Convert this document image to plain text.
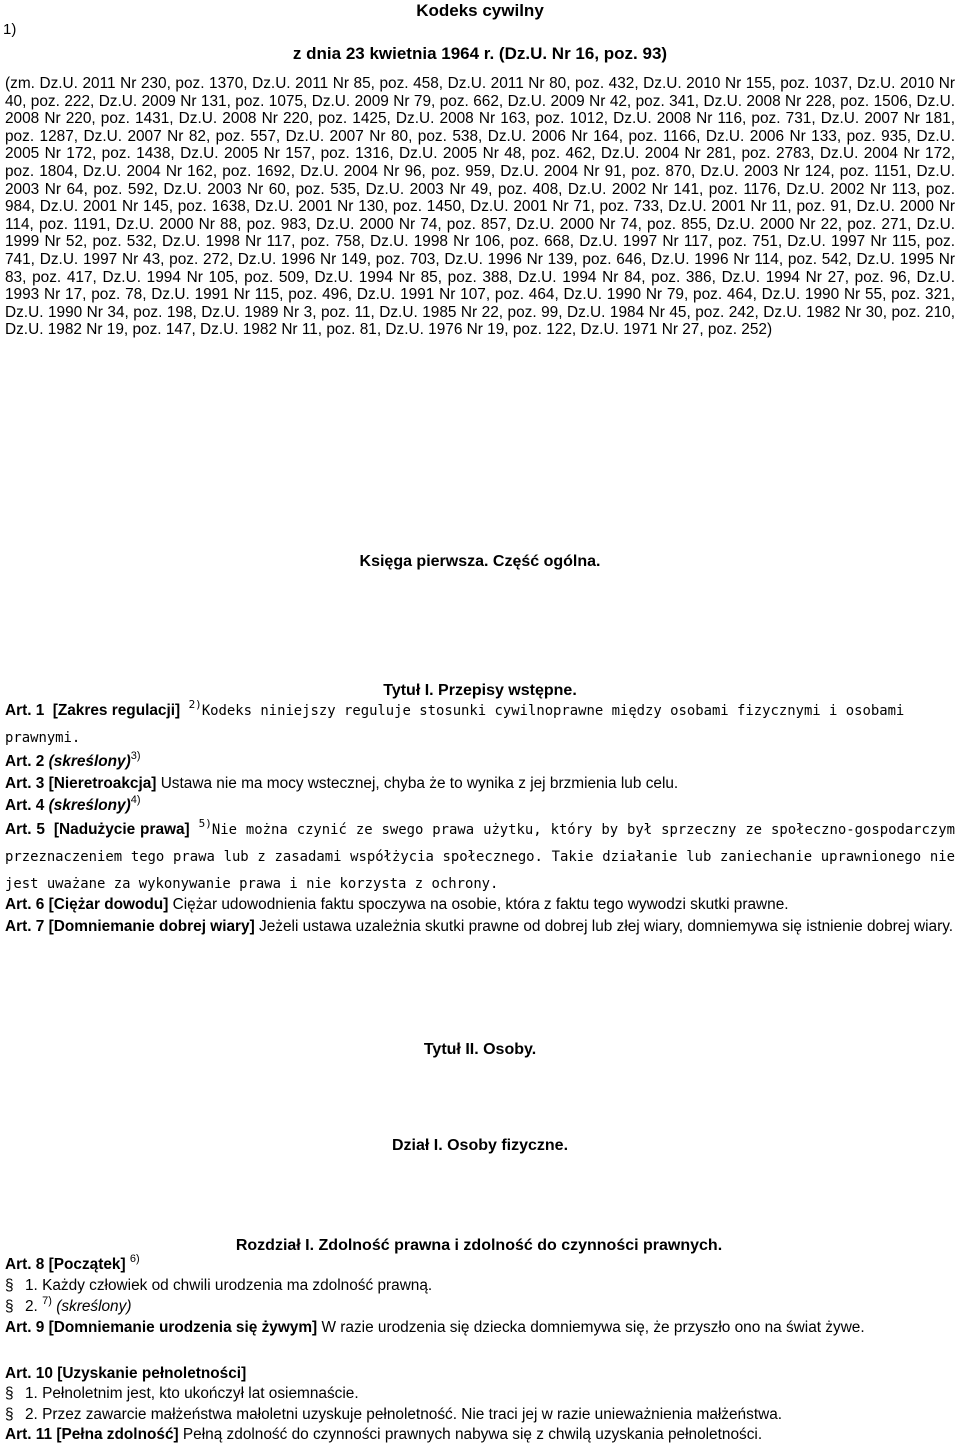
1)
Kodeks cywilny
z dnia 23 kwietnia 1964 r. (Dz.U. Nr 16, poz. 93)
(zm. Dz.U. 2011 Nr 230, poz. 1370, Dz.U. 2011 Nr 85, poz. 458, Dz.U. 2011 Nr 80, poz. 432, Dz.U. 2010 Nr 155, poz. 1037, Dz.U. 2010 Nr 40, poz. 222, Dz.U. 2009 Nr 131, poz. 1075, Dz.U. 2009 Nr 79, poz. 662, Dz.U. 2009 Nr 42, poz. 341, Dz.U. 2008 Nr 228, poz. 1506, Dz.U. 2008 Nr 220, poz. 1431, Dz.U. 2008 Nr 220, poz. 1425, Dz.U. 2008 Nr 163, poz. 1012, Dz.U. 2008 Nr 116, poz. 731, Dz.U. 2007 Nr 181, poz. 1287, Dz.U. 2007 Nr 82, poz. 557, Dz.U. 2007 Nr 80, poz. 538, Dz.U. 2006 Nr 164, poz. 1166, Dz.U. 2006 Nr 133, poz. 935, Dz.U. 2005 Nr 172, poz. 1438, Dz.U. 2005 Nr 157, poz. 1316, Dz.U. 2005 Nr 48, poz. 462, Dz.U. 2004 Nr 281, poz. 2783, Dz.U. 2004 Nr 172, poz. 1804, Dz.U. 2004 Nr 162, poz. 1692, Dz.U. 2004 Nr 96, poz. 959, Dz.U. 2004 Nr 91, poz. 870, Dz.U. 2003 Nr 124, poz. 1151, Dz.U. 2003 Nr 64, poz. 592, Dz.U. 2003 Nr 60, poz. 535, Dz.U. 2003 Nr 49, poz. 408, Dz.U. 2002 Nr 141, poz. 1176, Dz.U. 2002 Nr 113, poz. 984, Dz.U. 2001 Nr 145, poz. 1638, Dz.U. 2001 Nr 130, poz. 1450, Dz.U. 2001 Nr 71, poz. 733, Dz.U. 2001 Nr 11, poz. 91, Dz.U. 2000 Nr 114, poz. 1191, Dz.U. 2000 Nr 88, poz. 983, Dz.U. 2000 Nr 74, poz. 857, Dz.U. 2000 Nr 74, poz. 855, Dz.U. 2000 Nr 22, poz. 271, Dz.U. 1999 Nr 52, poz. 532, Dz.U. 1998 Nr 117, poz. 758, Dz.U. 1998 Nr 106, poz. 668, Dz.U. 1997 Nr 117, poz. 751, Dz.U. 1997 Nr 115, poz. 741, Dz.U. 1997 Nr 43, poz. 272, Dz.U. 1996 Nr 149, poz. 703, Dz.U. 1996 Nr 139, poz. 646, Dz.U. 1996 Nr 114, poz. 542, Dz.U. 1995 Nr 83, poz. 417, Dz.U. 1994 Nr 105, poz. 509, Dz.U. 1994 Nr 85, poz. 388, Dz.U. 1994 Nr 84, poz. 386, Dz.U. 1994 Nr 27, poz. 96, Dz.U. 1993 Nr 17, poz. 78, Dz.U. 1991 Nr 115, poz. 496, Dz.U. 1991 Nr 107, poz. 464, Dz.U. 1990 Nr 79, poz. 464, Dz.U. 1990 Nr 55, poz. 321, Dz.U. 1990 Nr 34, poz. 198, Dz.U. 1989 Nr 3, poz. 11, Dz.U. 1985 Nr 22, poz. 99, Dz.U. 1984 Nr 45, poz. 242, Dz.U. 1982 Nr 30, poz. 210, Dz.U. 1982 Nr 19, poz. 147, Dz.U. 1982 Nr 11, poz. 81, Dz.U. 1976 Nr 19, poz. 122, Dz.U. 1971 Nr 27, poz. 252)
Księga pierwsza. Część ogólna.
Tytuł I. Przepisy wstępne.
Art. 1 [Zakres regulacji] $^{2)}$Kodeks niniejszy reguluje stosunki cywilnoprawne między osobami fizycznymi i osobami prawnymi.
Art. 2 (skreślony)$^{3)}$
Art. 3 [Nieretroakcja] Ustawa nie ma mocy wstecznej, chyba że to wynika z jej brzmienia lub celu.
Art. 4 (skreślony)$^{4)}$
Art. 5 [Nadużycie prawa] $^{5)}$Nie można czynić ze swego prawa użytku, który by był sprzeczny ze społeczno-gospodarczym przeznaczeniem tego prawa lub z zasadami współżycia społecznego. Takie działanie lub zaniechanie uprawnionego nie jest uważane za wykonywanie prawa i nie korzysta z ochrony.
Art. 6 [Ciężar dowodu] Ciężar udowodnienia faktu spoczywa na osobie, która z faktu tego wywodzi skutki prawne.
Art. 7 [Domniemanie dobrej wiary] Jeżeli ustawa uzależnia skutki prawne od dobrej lub złej wiary, domniemywa się istnienie dobrej wiary.
Tytuł II. Osoby.
Dział I. Osoby fizyczne.
Rozdział I. Zdolność prawna i zdolność do czynności prawnych.
Art. 8 [Początek] $^{6)}$
§ 1. Każdy człowiek od chwili urodzenia ma zdolność prawną.
§ 2. $^{7)}$ (skreślony)
Art. 9 [Domniemanie urodzenia się żywym] W razie urodzenia się dziecka domniemywa się, że przyszło ono na świat żywe.
Art. 10 [Uzyskanie pełnoletności]
§ 1. Pełnoletnim jest, kto ukończył lat osiemnaście.
§ 2. Przez zawarcie małżeństwa małoletni uzyskuje pełnoletność. Nie traci jej w razie unieważnienia małżeństwa.
Art. 11 [Pełna zdolność] Pełną zdolność do czynności prawnych nabywa się z chwilą uzyskania pełnoletności.
